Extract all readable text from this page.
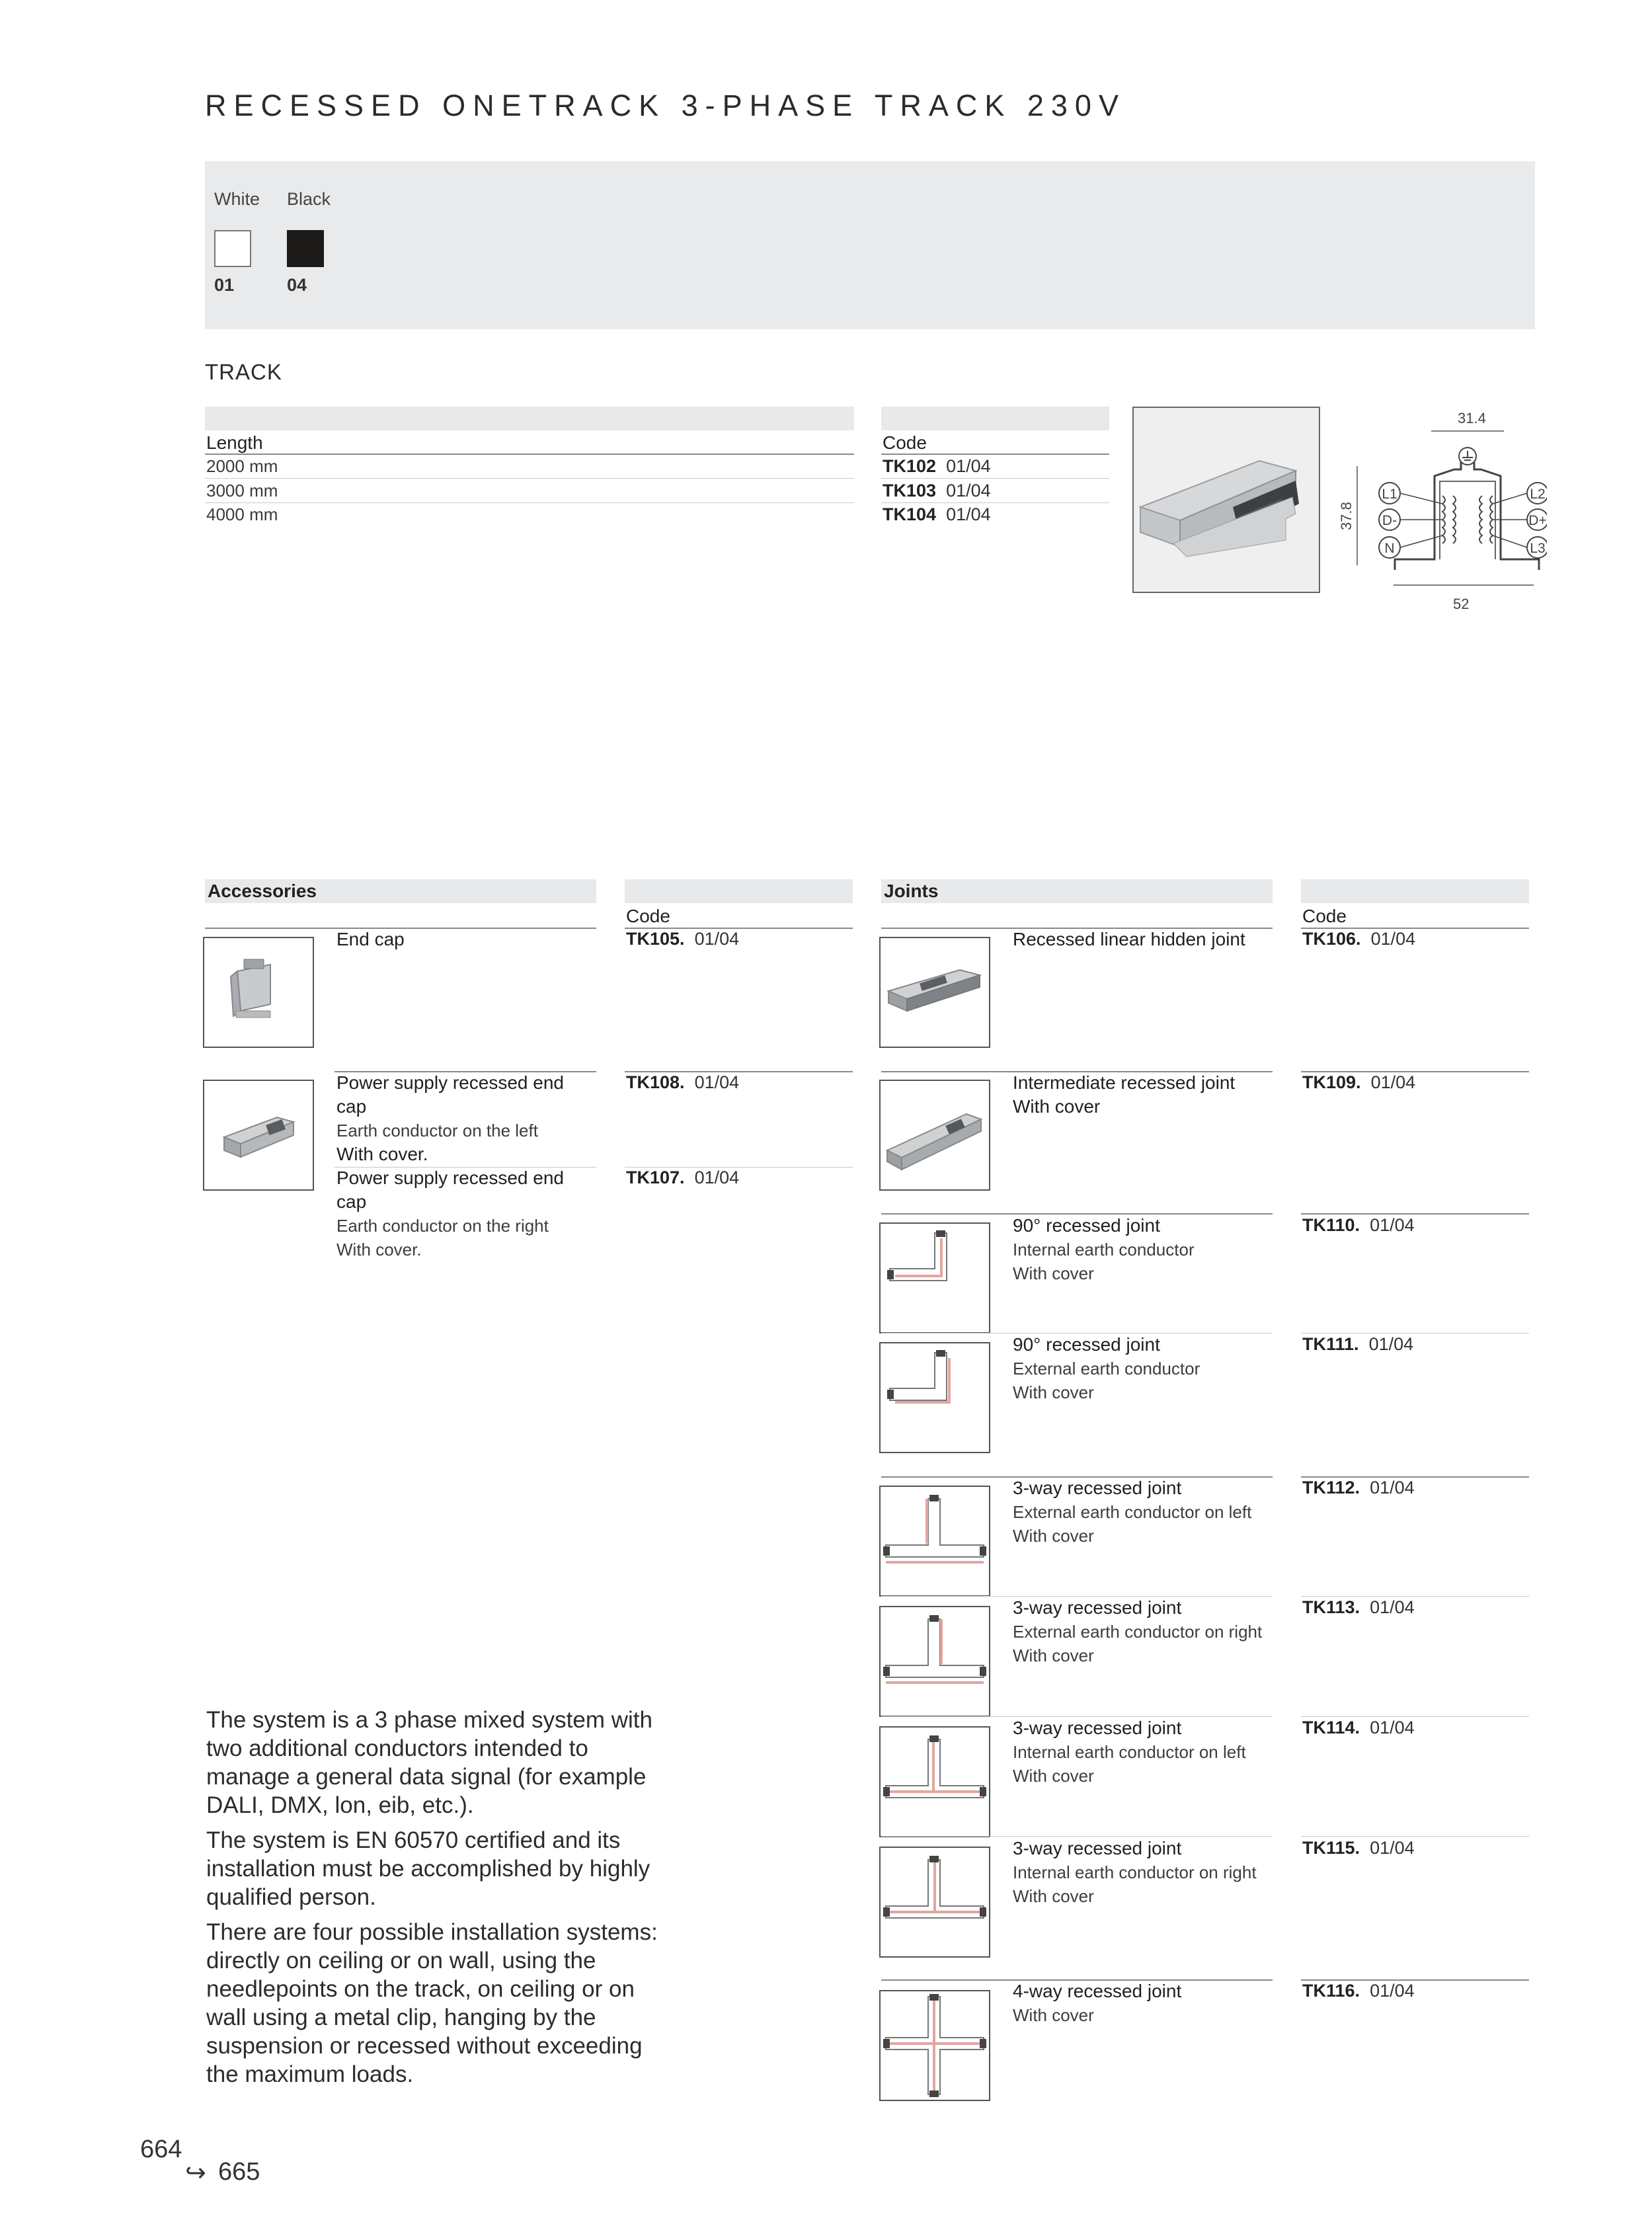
RECESSED ONETRACK 3-PHASE TRACK 230V
White Black
01	04
TRACK
Length	Code
2000 mm	TK102 01/04
3000 mm	TK103 01/04
4000 mm	TK104 01/04
31.4
37.8
52
L1
D-
N
L2
D+
L3
Accessories
Code
End cap	TK105. 01/04
Power supply recessed end cap
Earth conductor on the left
With cover.
TK108. 01/04
Power supply recessed end cap
Earth conductor on the right
With cover.
TK107. 01/04
Joints
Code
Recessed linear hidden joint	TK106. 01/04
Intermediate recessed joint
With cover
TK109. 01/04
90° recessed joint
Internal earth conductor
With cover
TK110. 01/04
90° recessed joint
External earth conductor
With cover
TK111. 01/04
3-way recessed joint
External earth conductor on left
With cover
TK112. 01/04
3-way recessed joint
External earth conductor on right
With cover
TK113. 01/04
3-way recessed joint
Internal earth conductor on left
With cover
TK114. 01/04
3-way recessed joint
Internal earth conductor on right
With cover
TK115. 01/04
4-way recessed joint
With cover
TK116. 01/04

The system is a 3 phase mixed system with two additional conductors intended to manage a general data signal (for example DALI, DMX, lon, eib, etc.).

The system is EN 60570 certified and its installation must be accomplished by highly qualified person.

There are four possible installation systems: directly on ceiling or on wall, using the needlepoints on the track, on ceiling or on wall using a metal clip, hanging by the suspension or recessed without exceeding the maximum loads.

664
↪ 665
